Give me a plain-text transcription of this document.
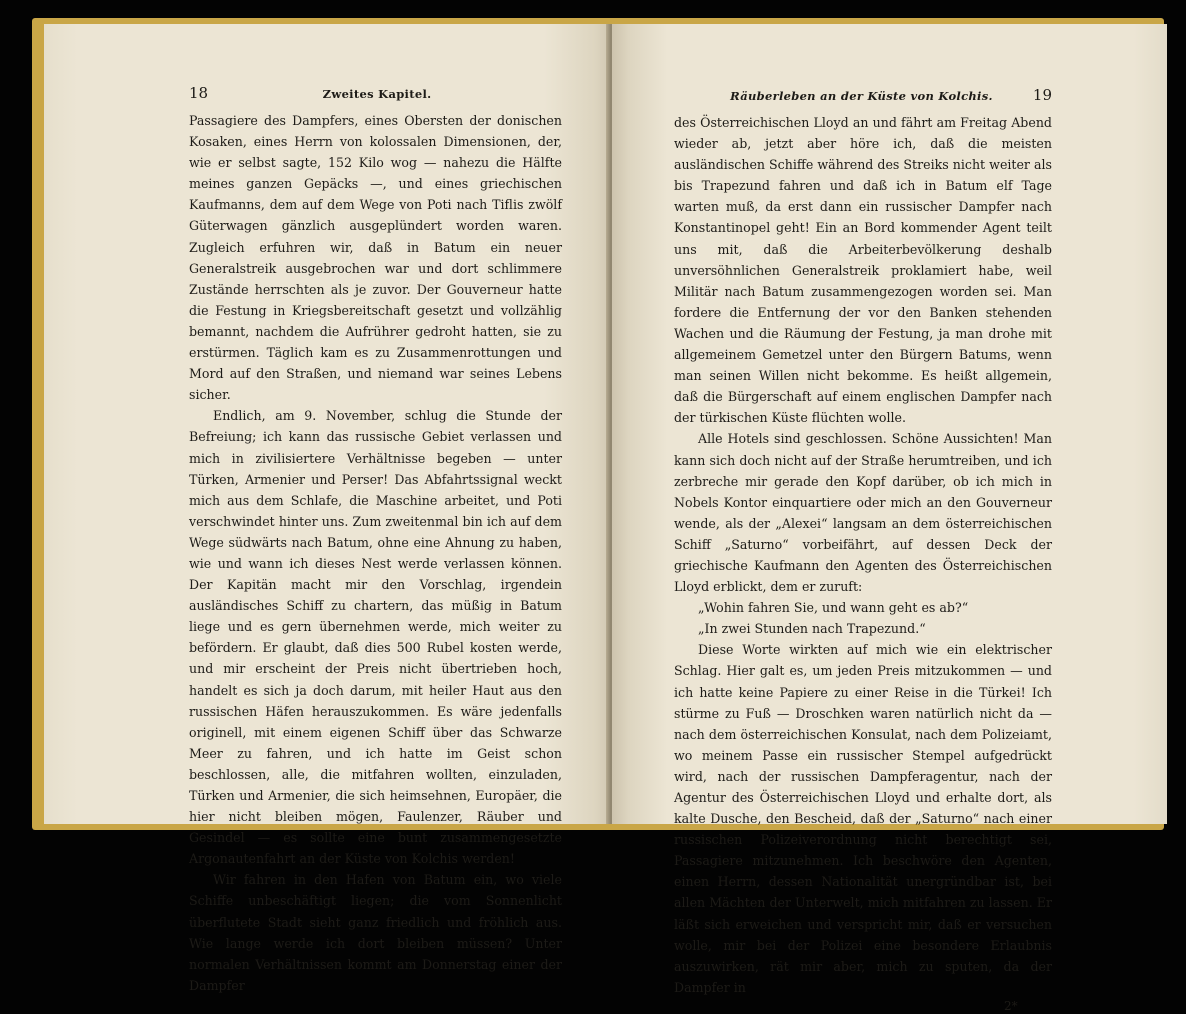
18	Zweites Kapitel.

Passagiere des Dampfers, eines Obersten der donischen Kosaken, eines Herrn von kolossalen Dimensionen, der, wie er selbst sagte, 152 Kilo wog — nahezu die Hälfte meines ganzen Gepäcks —, und eines griechischen Kaufmanns, dem auf dem Wege von Poti nach Tiflis zwölf Güterwagen gänzlich ausgeplündert worden waren. Zugleich erfuhren wir, daß in Batum ein neuer Generalstreik ausgebrochen war und dort schlimmere Zustände herrschten als je zuvor. Der Gouverneur hatte die Festung in Kriegsbereitschaft gesetzt und vollzählig bemannt, nachdem die Aufrührer gedroht hatten, sie zu erstürmen. Täglich kam es zu Zusammenrottungen und Mord auf den Straßen, und niemand war seines Lebens sicher.

Endlich, am 9. November, schlug die Stunde der Befreiung; ich kann das russische Gebiet verlassen und mich in zivilisiertere Verhältnisse begeben — unter Türken, Armenier und Perser! Das Abfahrtssignal weckt mich aus dem Schlafe, die Maschine arbeitet, und Poti verschwindet hinter uns. Zum zweitenmal bin ich auf dem Wege südwärts nach Batum, ohne eine Ahnung zu haben, wie und wann ich dieses Nest werde verlassen können. Der Kapitän macht mir den Vorschlag, irgendein ausländisches Schiff zu chartern, das müßig in Batum liege und es gern übernehmen werde, mich weiter zu befördern. Er glaubt, daß dies 500 Rubel kosten werde, und mir erscheint der Preis nicht übertrieben hoch, handelt es sich ja doch darum, mit heiler Haut aus den russischen Häfen herauszukommen. Es wäre jedenfalls originell, mit einem eigenen Schiff über das Schwarze Meer zu fahren, und ich hatte im Geist schon beschlossen, alle, die mitfahren wollten, einzuladen, Türken und Armenier, die sich heimsehnen, Europäer, die hier nicht bleiben mögen, Faulenzer, Räuber und Gesindel — es sollte eine bunt zusammengesetzte Argonautenfahrt an der Küste von Kolchis werden!

Wir fahren in den Hafen von Batum ein, wo viele Schiffe unbeschäftigt liegen; die vom Sonnenlicht überflutete Stadt sieht ganz friedlich und fröhlich aus. Wie lange werde ich dort bleiben müssen? Unter normalen Verhältnissen kommt am Donnerstag einer der Dampfer

Räuberleben an der Küste von Kolchis.	19

des Österreichischen Lloyd an und fährt am Freitag Abend wieder ab, jetzt aber höre ich, daß die meisten ausländischen Schiffe während des Streiks nicht weiter als bis Trapezund fahren und daß ich in Batum elf Tage warten muß, da erst dann ein russischer Dampfer nach Konstantinopel geht! Ein an Bord kommender Agent teilt uns mit, daß die Arbeiterbevölkerung deshalb unversöhnlichen Generalstreik proklamiert habe, weil Militär nach Batum zusammengezogen worden sei. Man fordere die Entfernung der vor den Banken stehenden Wachen und die Räumung der Festung, ja man drohe mit allgemeinem Gemetzel unter den Bürgern Batums, wenn man seinen Willen nicht bekomme. Es heißt allgemein, daß die Bürgerschaft auf einem englischen Dampfer nach der türkischen Küste flüchten wolle.

Alle Hotels sind geschlossen. Schöne Aussichten! Man kann sich doch nicht auf der Straße herumtreiben, und ich zerbreche mir gerade den Kopf darüber, ob ich mich in Nobels Kontor einquartiere oder mich an den Gouverneur wende, als der „Alexei“ langsam an dem österreichischen Schiff „Saturno“ vorbeifährt, auf dessen Deck der griechische Kaufmann den Agenten des Österreichischen Lloyd erblickt, dem er zuruft:

„Wohin fahren Sie, und wann geht es ab?“

„In zwei Stunden nach Trapezund.“

Diese Worte wirkten auf mich wie ein elektrischer Schlag. Hier galt es, um jeden Preis mitzukommen — und ich hatte keine Papiere zu einer Reise in die Türkei! Ich stürme zu Fuß — Droschken waren natürlich nicht da — nach dem österreichischen Konsulat, nach dem Polizeiamt, wo meinem Passe ein russischer Stempel aufgedrückt wird, nach der russischen Dampferagentur, nach der Agentur des Österreichischen Lloyd und erhalte dort, als kalte Dusche, den Bescheid, daß der „Saturno“ nach einer russischen Polizeiverordnung nicht berechtigt sei, Passagiere mitzunehmen. Ich beschwöre den Agenten, einen Herrn, dessen Nationalität unergründbar ist, bei allen Mächten der Unterwelt, mich mitfahren zu lassen. Er läßt sich erweichen und verspricht mir, daß er versuchen wolle, mir bei der Polizei eine besondere Erlaubnis auszuwirken, rät mir aber, mich zu sputen, da der Dampfer in

2*
